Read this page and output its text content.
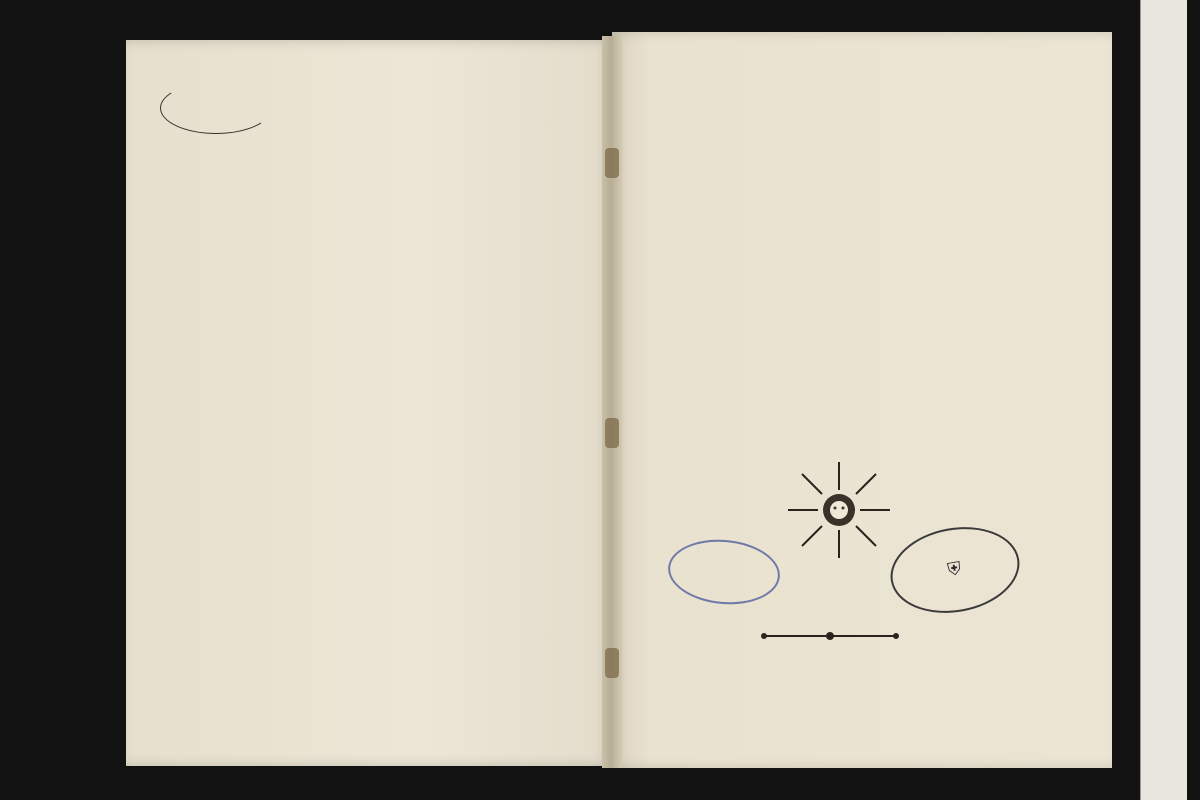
⛨
